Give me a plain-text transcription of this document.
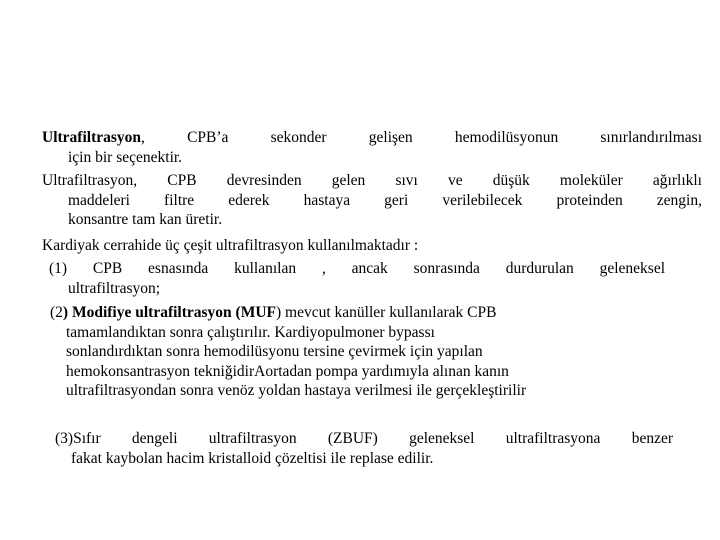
Ultrafiltrasyon, CPB’a sekonder gelişen hemodilüsyonun sınırlandırılması
için bir seçenektir.
Ultrafiltrasyon, CPB devresinden gelen sıvı ve düşük moleküler ağırlıklı
maddeleri filtre ederek hastaya geri verilebilecek proteinden zengin,
konsantre tam kan üretir.
Kardiyak cerrahide üç çeşit ultrafiltrasyon kullanılmaktadır :
(1) CPB esnasında kullanılan , ancak sonrasında durdurulan geleneksel
ultrafiltrasyon;
(2) Modifiye ultrafiltrasyon (MUF) mevcut kanüller kullanılarak CPB
tamamlandıktan sonra çalıştırılır. Kardiyopulmoner bypassı
sonlandırdıktan sonra hemodilüsyonu tersine çevirmek için yapılan
hemokonsantrasyon tekniğidirAortadan pompa yardımıyla alınan kanın
ultrafiltrasyondan sonra venöz yoldan hastaya verilmesi ile gerçekleştirilir
(3)Sıfır dengeli ultrafiltrasyon (ZBUF) geleneksel ultrafiltrasyona benzer
fakat kaybolan hacim kristalloid çözeltisi ile replase edilir.
